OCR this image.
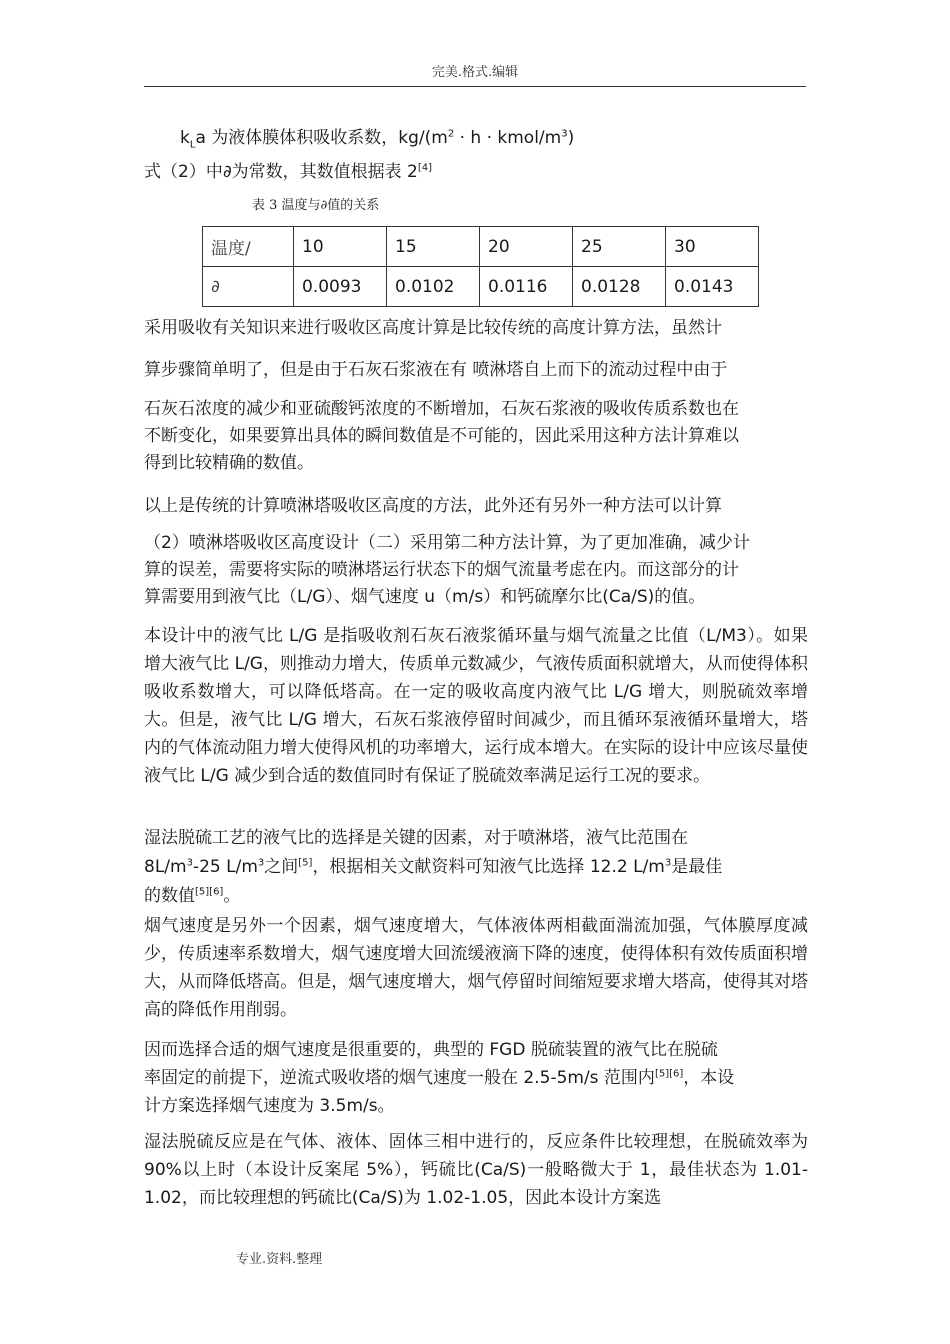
完美.格式.编辑

$k_La$ 为液体膜体积吸收系数，$kg/(m^2 \cdot h$ · kmol/$m^3$)

式（2）中∂为常数，其数值根据表 2[4]

表 3 温度与∂值的关系
温度/	10	15	20	25	30
∂	0.0093	0.0102	0.0116	0.0128	0.0143

采用吸收有关知识来进行吸收区高度计算是比较传统的高度计算方法，虽然计

算步骤简单明了，但是由于石灰石浆液在有 喷淋塔自上而下的流动过程中由于

石灰石浓度的减少和亚硫酸钙浓度的不断增加，石灰石浆液的吸收传质系数也在

不断变化，如果要算出具体的瞬间数值是不可能的，因此采用这种方法计算难以

得到比较精确的数值。

以上是传统的计算喷淋塔吸收区高度的方法，此外还有另外一种方法可以计算

（2）喷淋塔吸收区高度设计（二）采用第二种方法计算，为了更加准确，减少计

算的误差，需要将实际的喷淋塔运行状态下的烟气流量考虑在内。而这部分的计

算需要用到液气比（L/G）、烟气速度 u（m/s）和钙硫摩尔比(Ca/S)的值。

本设计中的液气比 L/G 是指吸收剂石灰石液浆循环量与烟气流量之比值（L/M3）。如果增大液气比 L/G，则推动力增大，传质单元数减少，气液传质面积就增大，从而使得体积吸收系数增大，可以降低塔高。在一定的吸收高度内液气比 L/G 增大，则脱硫效率增大。但是，液气比 L/G 增大，石灰石浆液停留时间减少，而且循环泵液循环量增大，塔内的气体流动阻力增大使得风机的功率增大，运行成本增大。在实际的设计中应该尽量使液气比 L/G 减少到合适的数值同时有保证了脱硫效率满足运行工况的要求。

湿法脱硫工艺的液气比的选择是关键的因素，对于喷淋塔，液气比范围在

$8L/m^3-25$ $L/m^3$之间[5]，根据相关文献资料可知液气比选择 12.2 $L/m^3$是最佳

的数值[5][6]。

烟气速度是另外一个因素，烟气速度增大，气体液体两相截面湍流加强，气体膜厚度减少，传质速率系数增大，烟气速度增大回流缓液滴下降的速度，使得体积有效传质面积增大，从而降低塔高。但是，烟气速度增大，烟气停留时间缩短要求增大塔高，使得其对塔高的降低作用削弱。

因而选择合适的烟气速度是很重要的，典型的 FGD 脱硫装置的液气比在脱硫

率固定的前提下，逆流式吸收塔的烟气速度一般在 2.5-5m/s 范围内[5][6]，本设

计方案选择烟气速度为 3.5m/s。

湿法脱硫反应是在气体、液体、固体三相中进行的，反应条件比较理想，在脱硫效率为 90%以上时（本设计反案尾 5%），钙硫比(Ca/S)一般略微大于 1，最佳状态为 1.01-1.02，而比较理想的钙硫比(Ca/S)为 1.02-1.05，因此本设计方案选

专业.资料.整理
